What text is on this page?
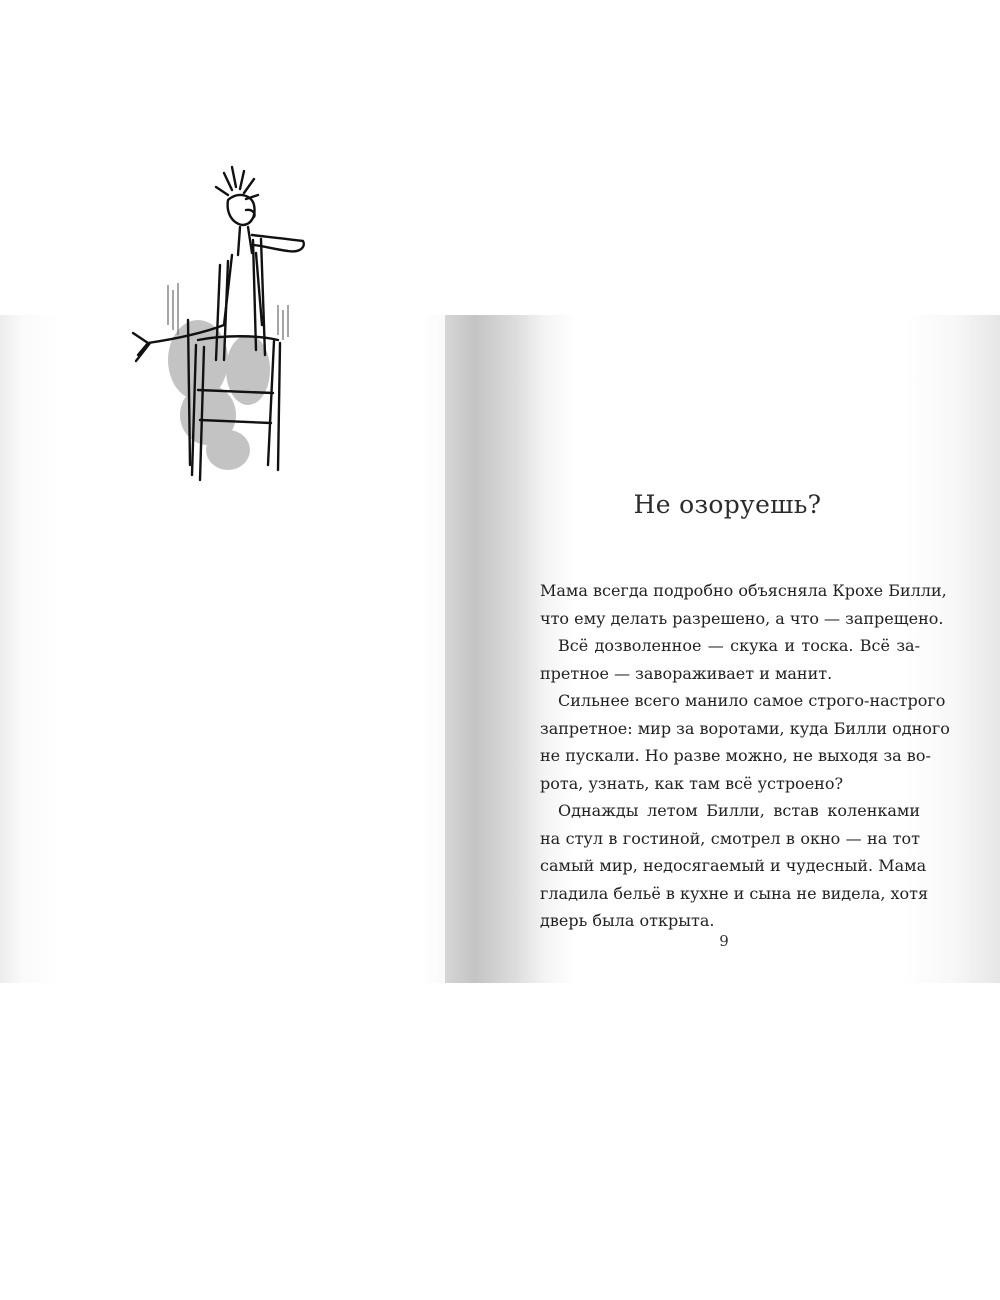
Не озоруешь?
Мама всегда подробно объясняла Крохе Билли,
что ему делать разрешено, а что — запрещено.
Всё дозволенное — скука и тоска. Всё за-
претное — завораживает и манит.
Сильнее всего манило самое строго-настрого
запретное: мир за воротами, куда Билли одного
не пускали. Но разве можно, не выходя за во-
рота, узнать, как там всё устроено?
Однажды летом Билли, встав коленками
на стул в гостиной, смотрел в окно — на тот
самый мир, недосягаемый и чудесный. Мама
гладила бельё в кухне и сына не видела, хотя
дверь была открыта.
9
